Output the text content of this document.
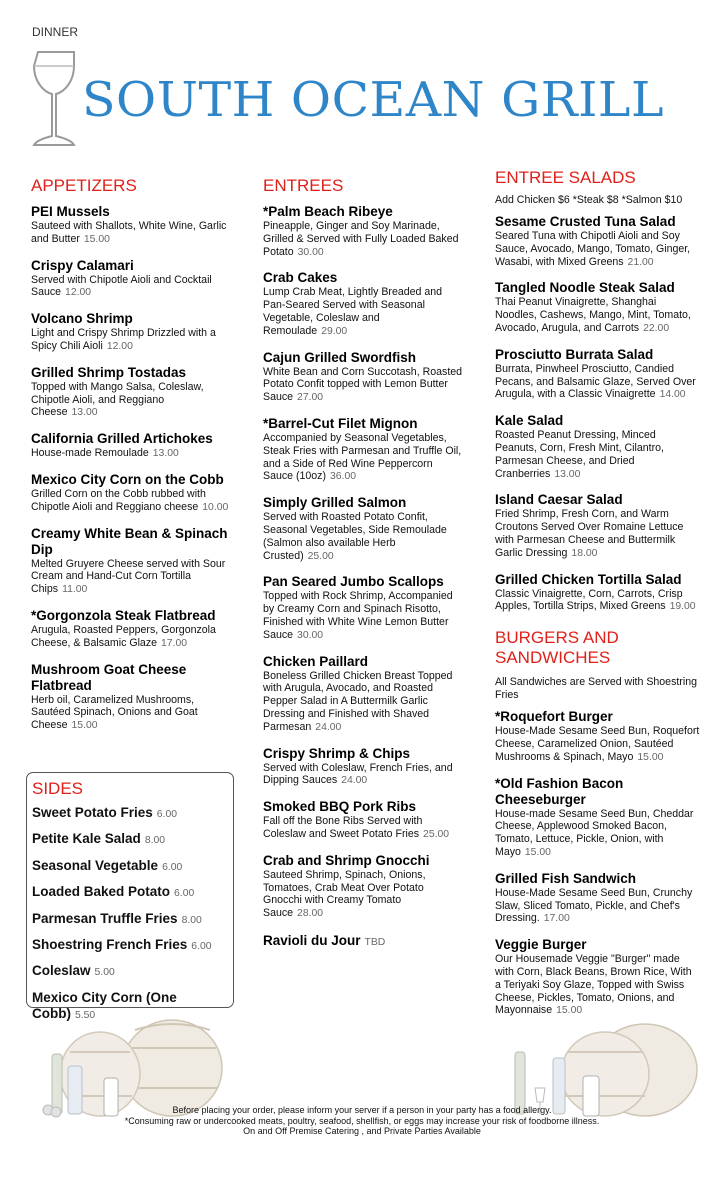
DINNER
SOUTH OCEAN GRILL
APPETIZERS
PEI Mussels
Sauteed with Shallots, White Wine, Garlic and Butter 15.00
Crispy Calamari
Served with Chipotle Aioli and Cocktail Sauce 12.00
Volcano Shrimp
Light and Crispy Shrimp Drizzled with a Spicy Chili Aioli 12.00
Grilled Shrimp Tostadas
Topped with Mango Salsa, Coleslaw, Chipotle Aioli, and Reggiano Cheese 13.00
California Grilled Artichokes
House-made Remoulade 13.00
Mexico City Corn on the Cobb
Grilled Corn on the Cobb rubbed with Chipotle Aioli and Reggiano cheese 10.00
Creamy White Bean & Spinach Dip
Melted Gruyere Cheese served with Sour Cream and Hand-Cut Corn Tortilla Chips 11.00
*Gorgonzola Steak Flatbread
Arugula, Roasted Peppers, Gorgonzola Cheese, & Balsamic Glaze 17.00
Mushroom Goat Cheese Flatbread
Herb oil, Caramelized Mushrooms, Sautéed Spinach, Onions and Goat Cheese 15.00
SIDES
Sweet Potato Fries 6.00
Petite Kale Salad 8.00
Seasonal Vegetable 6.00
Loaded Baked Potato 6.00
Parmesan Truffle Fries 8.00
Shoestring French Fries 6.00
Coleslaw 5.00
Mexico City Corn (One Cobb) 5.50
ENTREES
*Palm Beach Ribeye
Pineapple, Ginger and Soy Marinade, Grilled & Served with Fully Loaded Baked Potato 30.00
Crab Cakes
Lump Crab Meat, Lightly Breaded and Pan-Seared Served with Seasonal Vegetable, Coleslaw and Remoulade 29.00
Cajun Grilled Swordfish
White Bean and Corn Succotash, Roasted Potato Confit topped with Lemon Butter Sauce 27.00
*Barrel-Cut Filet Mignon
Accompanied by Seasonal Vegetables, Steak Fries with Parmesan and Truffle Oil, and a Side of Red Wine Peppercorn Sauce (10oz) 36.00
Simply Grilled Salmon
Served with Roasted Potato Confit, Seasonal Vegetables, Side Remoulade (Salmon also available Herb Crusted) 25.00
Pan Seared Jumbo Scallops
Topped with Rock Shrimp, Accompanied by Creamy Corn and Spinach Risotto, Finished with White Wine Lemon Butter Sauce 30.00
Chicken Paillard
Boneless Grilled Chicken Breast Topped with Arugula, Avocado, and Roasted Pepper Salad in A Buttermilk Garlic Dressing and Finished with Shaved Parmesan 24.00
Crispy Shrimp & Chips
Served with Coleslaw, French Fries, and Dipping Sauces 24.00
Smoked BBQ Pork Ribs
Fall off the Bone Ribs Served with Coleslaw and Sweet Potato Fries 25.00
Crab and Shrimp Gnocchi
Sauteed Shrimp, Spinach, Onions, Tomatoes, Crab Meat Over Potato Gnocchi with Creamy Tomato Sauce 28.00
Ravioli du Jour TBD
ENTREE SALADS
Add Chicken $6 *Steak $8 *Salmon $10
Sesame Crusted Tuna Salad
Seared Tuna with Chipotli Aioli and Soy Sauce, Avocado, Mango, Tomato, Ginger, Wasabi, with Mixed Greens 21.00
Tangled Noodle Steak Salad
Thai Peanut Vinaigrette, Shanghai Noodles, Cashews, Mango, Mint, Tomato, Avocado, Arugula, and Carrots 22.00
Prosciutto Burrata Salad
Burrata, Pinwheel Prosciutto, Candied Pecans, and Balsamic Glaze, Served Over Arugula, with a Classic Vinaigrette 14.00
Kale Salad
Roasted Peanut Dressing, Minced Peanuts, Corn, Fresh Mint, Cilantro, Parmesan Cheese, and Dried Cranberries 13.00
Island Caesar Salad
Fried Shrimp, Fresh Corn, and Warm Croutons Served Over Romaine Lettuce with Parmesan Cheese and Buttermilk Garlic Dressing 18.00
Grilled Chicken Tortilla Salad
Classic Vinaigrette, Corn, Carrots, Crisp Apples, Tortilla Strips, Mixed Greens 19.00
BURGERS AND SANDWICHES
All Sandwiches are Served with Shoestring Fries
*Roquefort Burger
House-Made Sesame Seed Bun, Roquefort Cheese, Caramelized Onion, Sautéed Mushrooms & Spinach, Mayo 15.00
*Old Fashion Bacon Cheeseburger
House-made Sesame Seed Bun, Cheddar Cheese, Applewood Smoked Bacon, Tomato, Lettuce, Pickle, Onion, with Mayo 15.00
Grilled Fish Sandwich
House-Made Sesame Seed Bun, Crunchy Slaw, Sliced Tomato, Pickle, and Chef's Dressing. 17.00
Veggie Burger
Our Housemade Veggie "Burger" made with Corn, Black Beans, Brown Rice, With a Teriyaki Soy Glaze, Topped with Swiss Cheese, Pickles, Tomato, Onions, and Mayonnaise 15.00
Before placing your order, please inform your server if a person in your party has a food allergy.
*Consuming raw or undercooked meats, poultry, seafood, shellfish, or eggs may increase your risk of foodborne illness.
On and Off Premise Catering , and Private Parties Available
